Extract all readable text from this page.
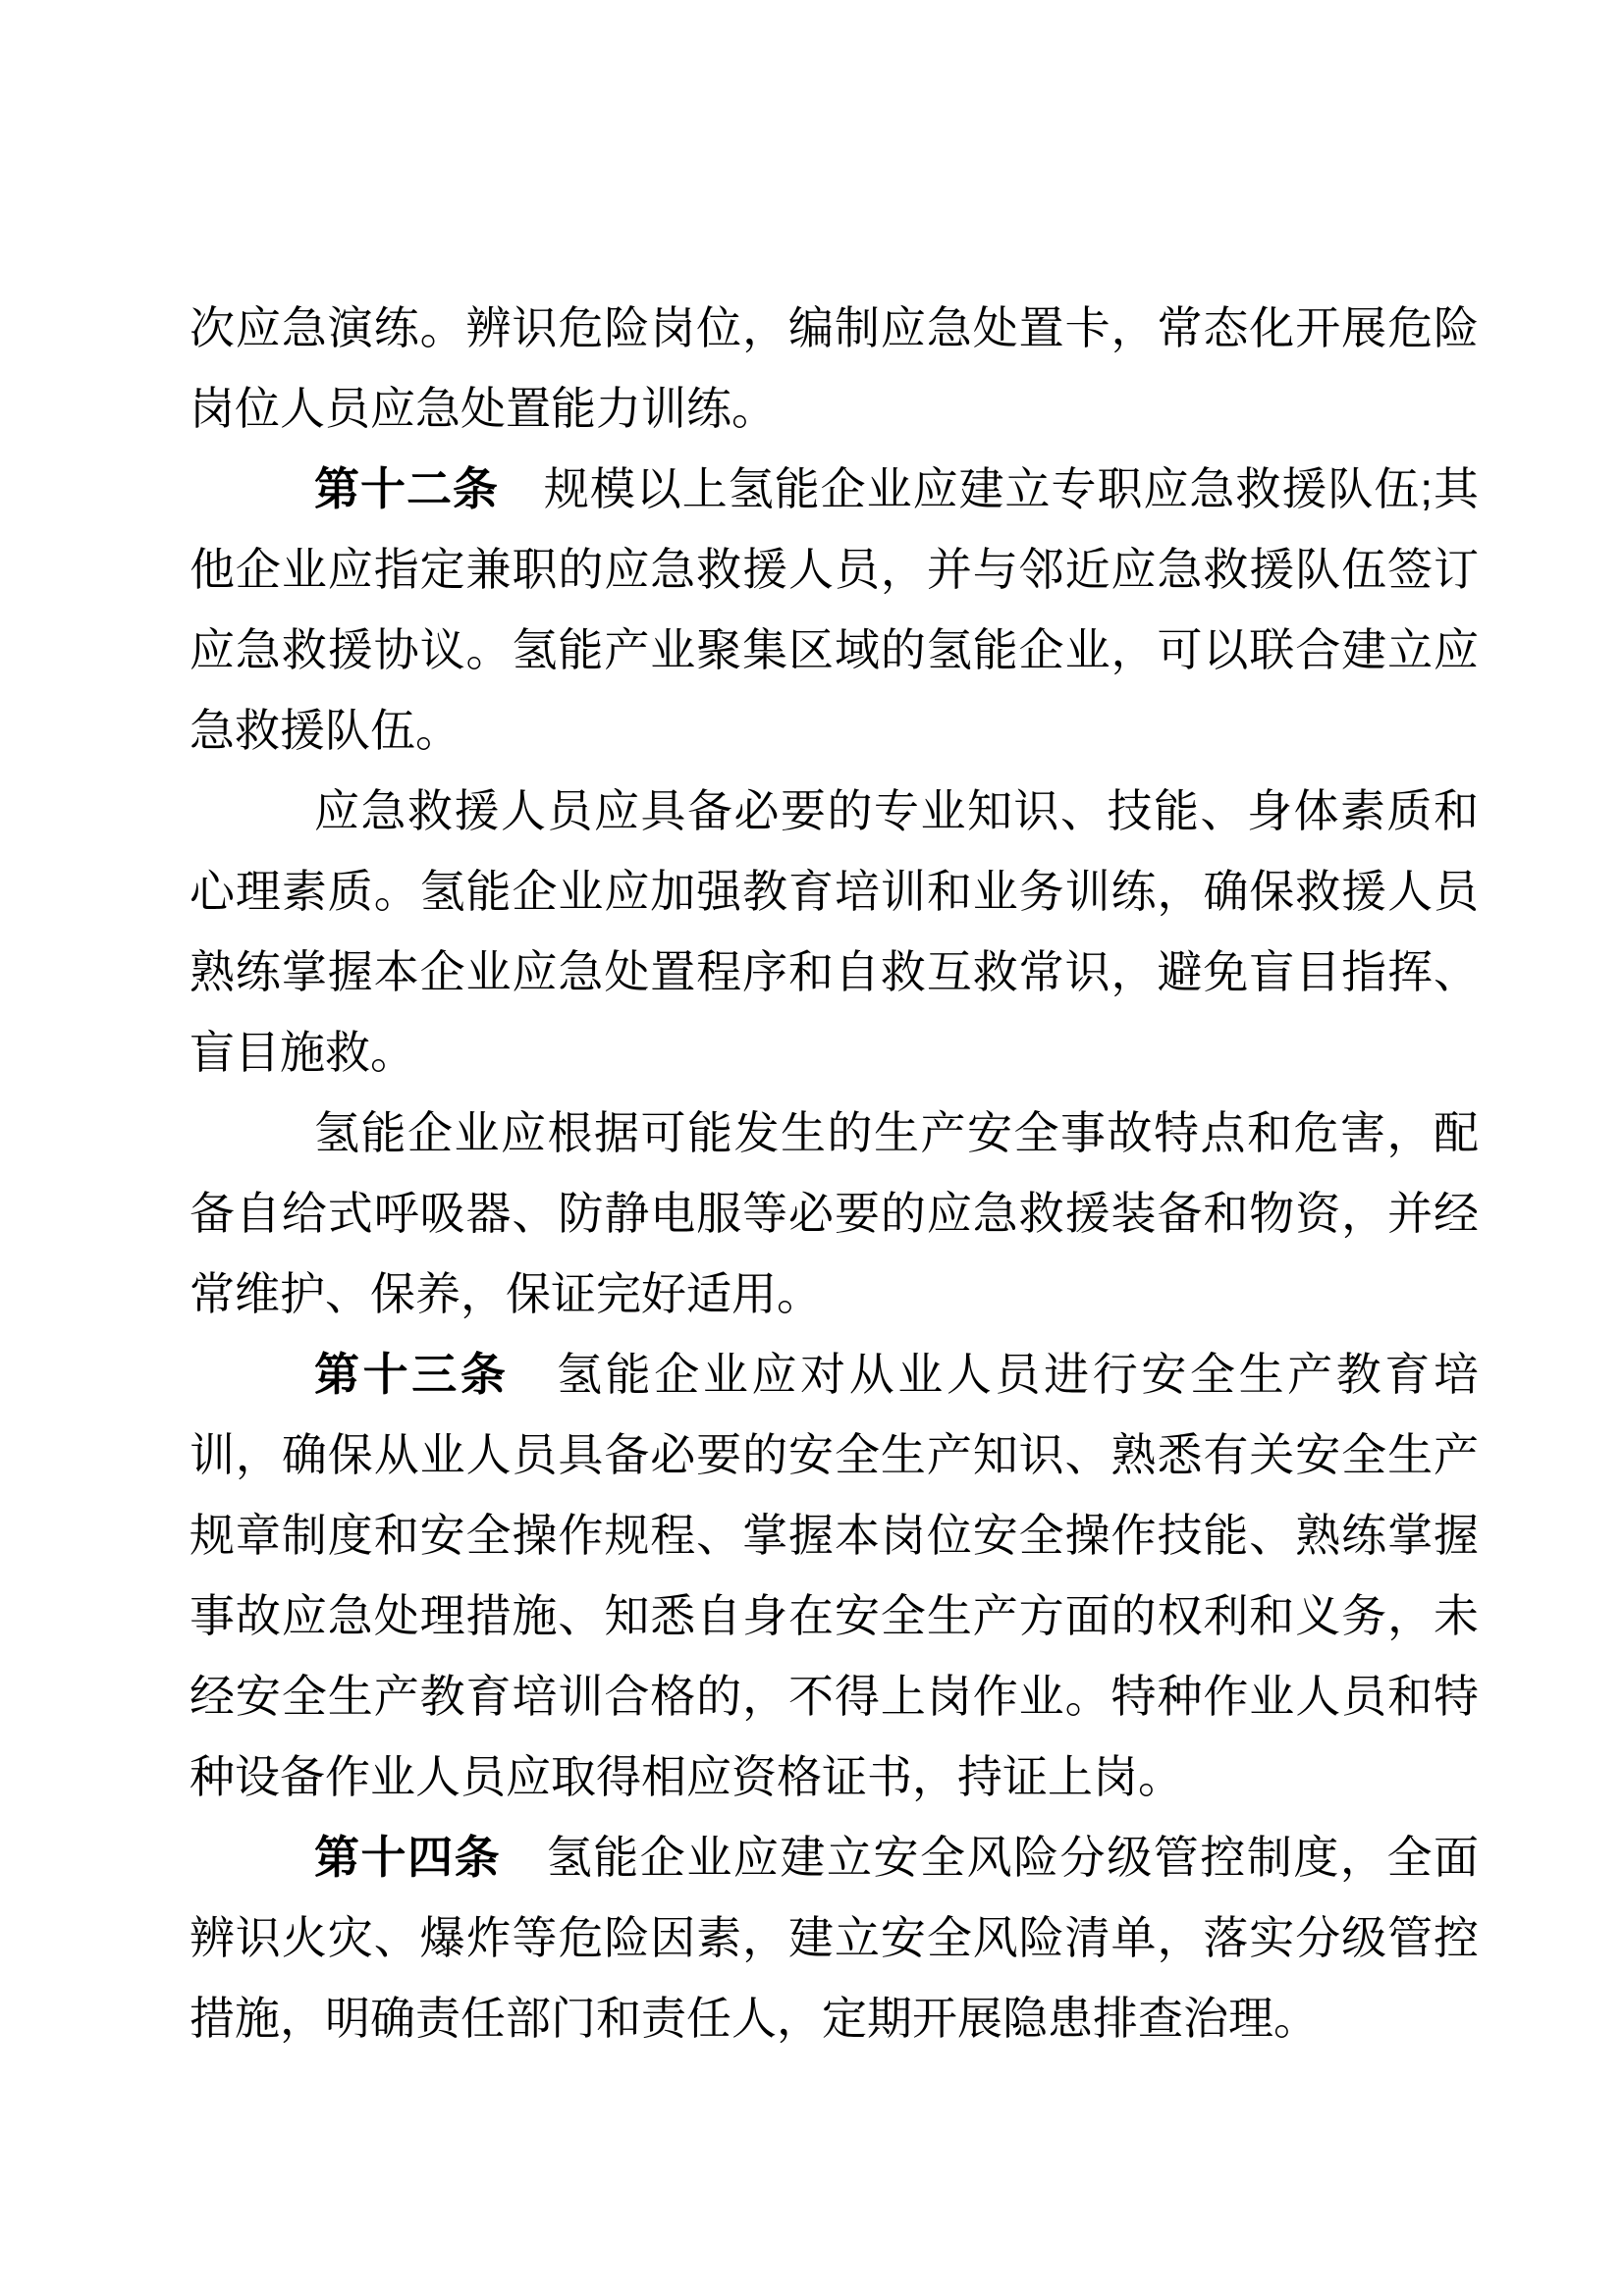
次应急演练。辨识危险岗位，编制应急处置卡，常态化开展危险
岗位人员应急处置能力训练。
第十二条 规模以上氢能企业应建立专职应急救援队伍;其
他企业应指定兼职的应急救援人员，并与邻近应急救援队伍签订
应急救援协议。氢能产业聚集区域的氢能企业，可以联合建立应
急救援队伍。
应急救援人员应具备必要的专业知识、技能、身体素质和
心理素质。氢能企业应加强教育培训和业务训练，确保救援人员
熟练掌握本企业应急处置程序和自救互救常识，避免盲目指挥、
盲目施救。
氢能企业应根据可能发生的生产安全事故特点和危害，配
备自给式呼吸器、防静电服等必要的应急救援装备和物资，并经
常维护、保养，保证完好适用。
第十三条 氢能企业应对从业人员进行安全生产教育培
训，确保从业人员具备必要的安全生产知识、熟悉有关安全生产
规章制度和安全操作规程、掌握本岗位安全操作技能、熟练掌握
事故应急处理措施、知悉自身在安全生产方面的权利和义务，未
经安全生产教育培训合格的，不得上岗作业。特种作业人员和特
种设备作业人员应取得相应资格证书，持证上岗。
第十四条 氢能企业应建立安全风险分级管控制度，全面
辨识火灾、爆炸等危险因素，建立安全风险清单，落实分级管控
措施，明确责任部门和责任人，定期开展隐患排查治理。
